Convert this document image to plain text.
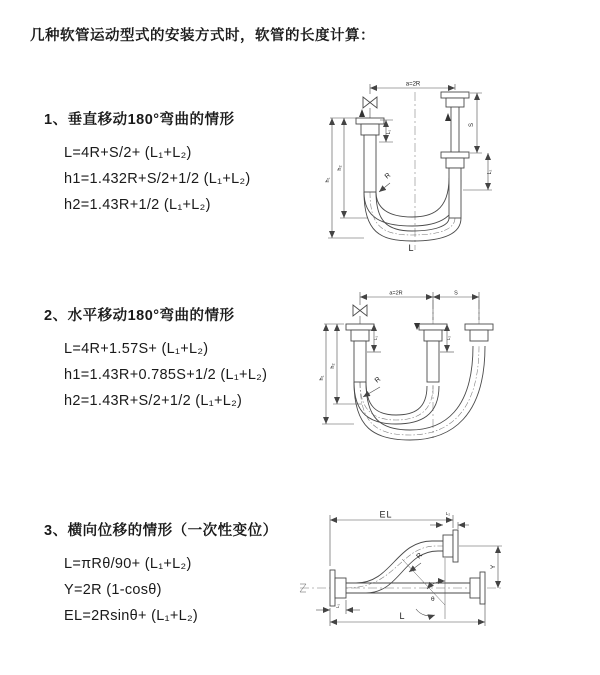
几种软管运动型式的安装方式时，软管的长度计算：
1、垂直移动180°弯曲的情形
L=4R+S/2+ (L₁+L₂)
h1=1.432R+S/2+1/2 (L₁+L₂)
h2=1.43R+1/2 (L₁+L₂)
2、水平移动180°弯曲的情形
L=4R+1.57S+ (L₁+L₂)
h1=1.43R+0.785S+1/2 (L₁+L₂)
h2=1.43R+S/2+1/2 (L₁+L₂)
3、横向位移的情形（一次性变位）
L=πRθ/90+ (L₁+L₂)
Y=2R (1-cosθ)
EL=2Rsinθ+ (L₁+L₂)
a=2R
S
L₂
h₁
h₂
L₁
R
L
a=2R	S
h₁
h₂
L₁	L₂
R
EL	L₂
Y
L
L₁
R
θ
